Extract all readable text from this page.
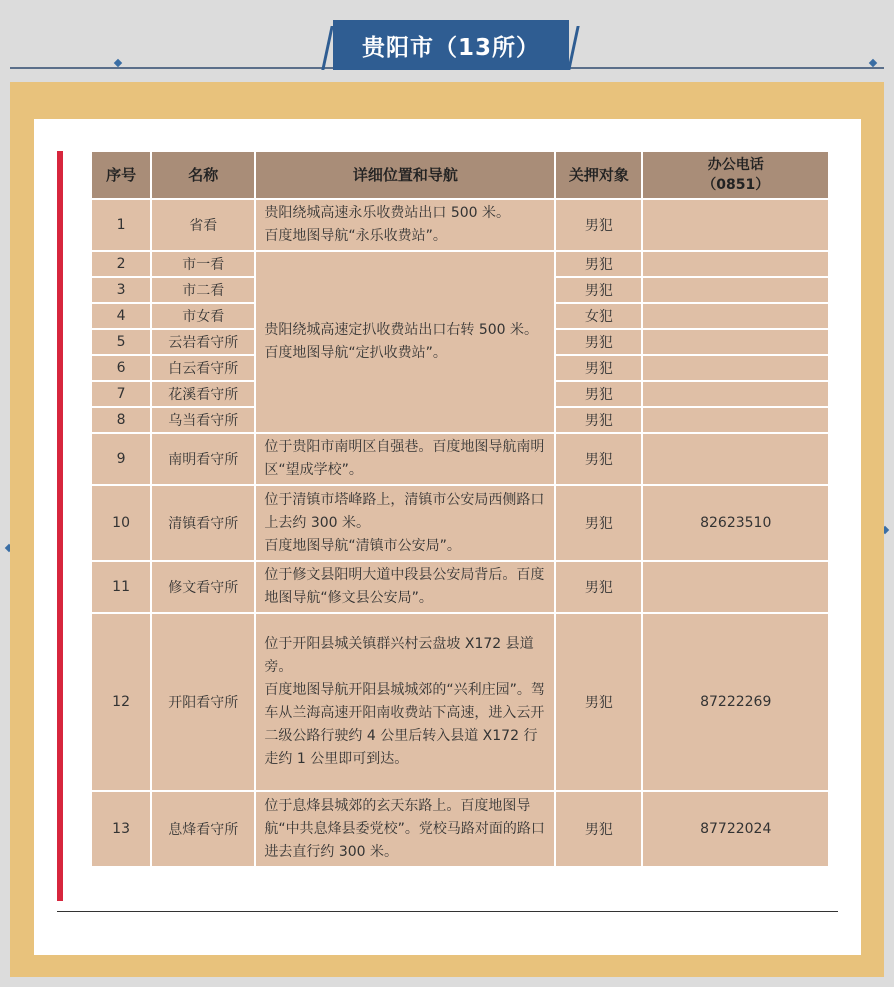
贵阳市（13所）
序号	名称	详细位置和导航	关押对象	办公电话
（0851）

1	省看	贵阳绕城高速永乐收费站出口 500 米。
百度地图导航“永乐收费站”。	男犯	
2	市一看	贵阳绕城高速定扒收费站出口右转 500 米。
百度地图导航“定扒收费站”。	男犯	
3	市二看		男犯	
4	市女看		女犯	
5	云岩看守所		男犯	
6	白云看守所		男犯	
7	花溪看守所		男犯	
8	乌当看守所		男犯	
9	南明看守所	位于贵阳市南明区自强巷。百度地图导航南明区“望成学校”。	男犯	
10	清镇看守所	位于清镇市塔峰路上，清镇市公安局西侧路口上去约 300 米。
百度地图导航“清镇市公安局”。	男犯	82623510
11	修文看守所	位于修文县阳明大道中段县公安局背后。百度地图导航“修文县公安局”。	男犯	
12	开阳看守所	位于开阳县城关镇群兴村云盘坡 X172 县道旁。
百度地图导航开阳县城城郊的“兴利庄园”。驾车从兰海高速开阳南收费站下高速，进入云开二级公路行驶约 4 公里后转入县道 X172 行走约 1 公里即可到达。	男犯	87222269
13	息烽看守所	位于息烽县城郊的玄天东路上。百度地图导航“中共息烽县委党校”。党校马路对面的路口进去直行约 300 米。	男犯	87722024
